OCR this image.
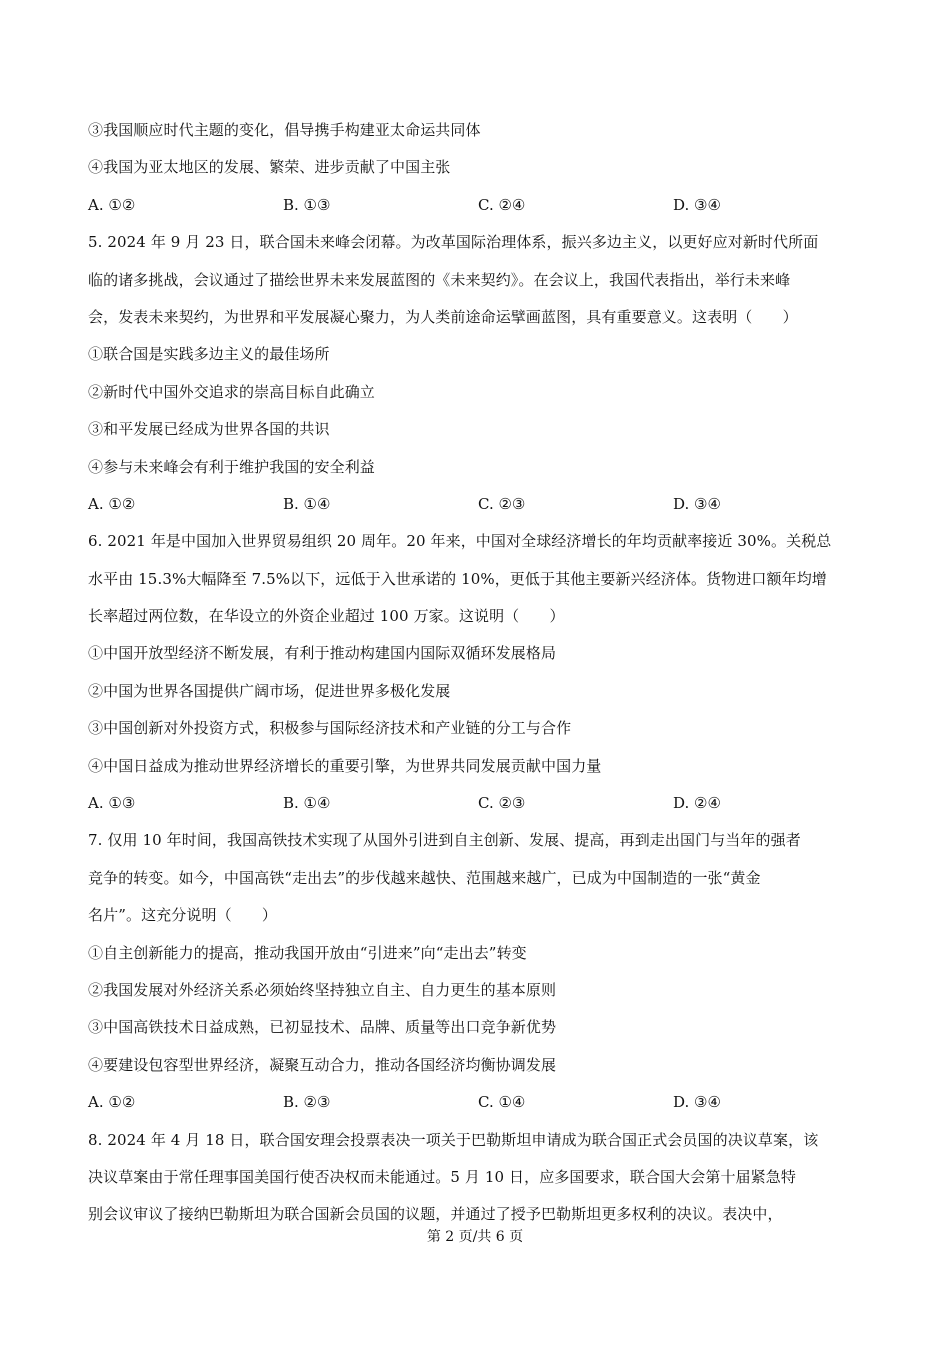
③我国顺应时代主题的变化，倡导携手构建亚太命运共同体
④我国为亚太地区的发展、繁荣、进步贡献了中国主张
A. ①②	B. ①③	C. ②④	D. ③④
5. 2024 年 9 月 23 日，联合国未来峰会闭幕。为改革国际治理体系，振兴多边主义，以更好应对新时代所面
临的诸多挑战，会议通过了描绘世界未来发展蓝图的《未来契约》。在会议上，我国代表指出，举行未来峰
会，发表未来契约，为世界和平发展凝心聚力，为人类前途命运擘画蓝图，具有重要意义。这表明（　　）
①联合国是实践多边主义的最佳场所
②新时代中国外交追求的崇高目标自此确立
③和平发展已经成为世界各国的共识
④参与未来峰会有利于维护我国的安全利益
A. ①②	B. ①④	C. ②③	D. ③④
6. 2021 年是中国加入世界贸易组织 20 周年。20 年来，中国对全球经济增长的年均贡献率接近 30%。关税总
水平由 15.3%大幅降至 7.5%以下，远低于入世承诺的 10%，更低于其他主要新兴经济体。货物进口额年均增
长率超过两位数，在华设立的外资企业超过 100 万家。这说明（　　）
①中国开放型经济不断发展，有利于推动构建国内国际双循环发展格局
②中国为世界各国提供广阔市场，促进世界多极化发展
③中国创新对外投资方式，积极参与国际经济技术和产业链的分工与合作
④中国日益成为推动世界经济增长的重要引擎，为世界共同发展贡献中国力量
A. ①③	B. ①④	C. ②③	D. ②④
7. 仅用 10 年时间，我国高铁技术实现了从国外引进到自主创新、发展、提高，再到走出国门与当年的强者
竞争的转变。如今，中国高铁“走出去”的步伐越来越快、范围越来越广，已成为中国制造的一张“黄金
名片”。这充分说明（　　）
①自主创新能力的提高，推动我国开放由“引进来”向“走出去”转变
②我国发展对外经济关系必须始终坚持独立自主、自力更生的基本原则
③中国高铁技术日益成熟，已初显技术、品牌、质量等出口竞争新优势
④要建设包容型世界经济，凝聚互动合力，推动各国经济均衡协调发展
A. ①②	B. ②③	C. ①④	D. ③④
8. 2024 年 4 月 18 日，联合国安理会投票表决一项关于巴勒斯坦申请成为联合国正式会员国的决议草案，该
决议草案由于常任理事国美国行使否决权而未能通过。5 月 10 日，应多国要求，联合国大会第十届紧急特
别会议审议了接纳巴勒斯坦为联合国新会员国的议题，并通过了授予巴勒斯坦更多权利的决议。表决中，
第 2 页/共 6 页
